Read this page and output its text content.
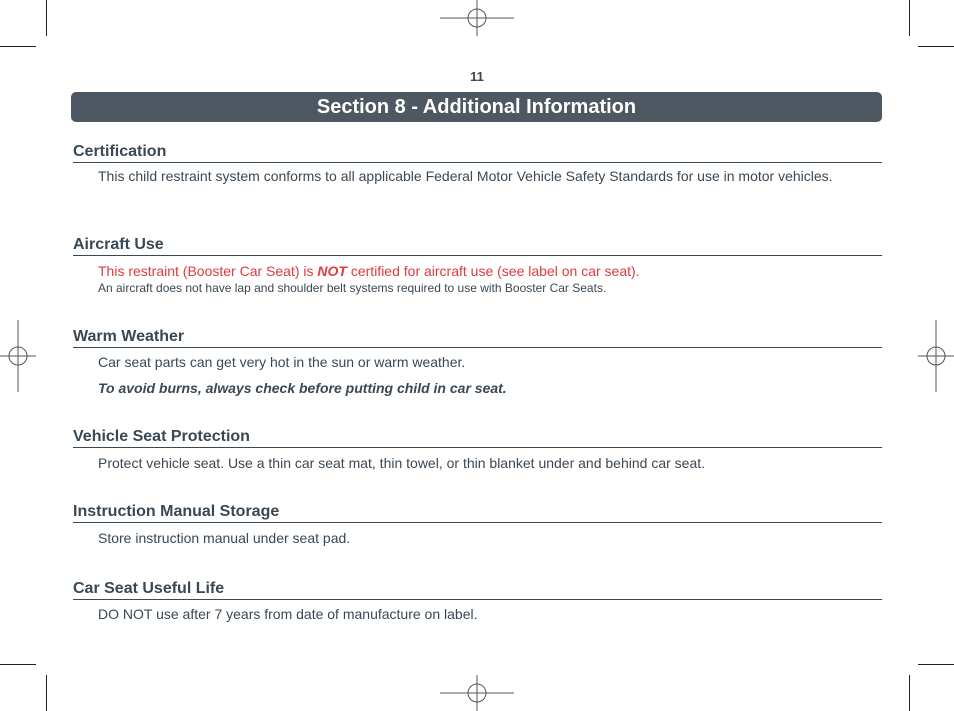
11
Section 8 - Additional Information
Certification
This child restraint system conforms to all applicable Federal Motor Vehicle Safety Standards for use in motor vehicles.
Aircraft Use
This restraint (Booster Car Seat) is NOT certified for aircraft use (see label on car seat).
An aircraft does not have lap and shoulder belt systems required to use with Booster Car Seats.
Warm Weather
Car seat parts can get very hot in the sun or warm weather.
To avoid burns, always check before putting child in car seat.
Vehicle Seat Protection
Protect vehicle seat. Use a thin car seat mat, thin towel, or thin blanket under and behind car seat.
Instruction Manual Storage
Store instruction manual under seat pad.
Car Seat Useful Life
DO NOT use after 7 years from date of manufacture on label.
